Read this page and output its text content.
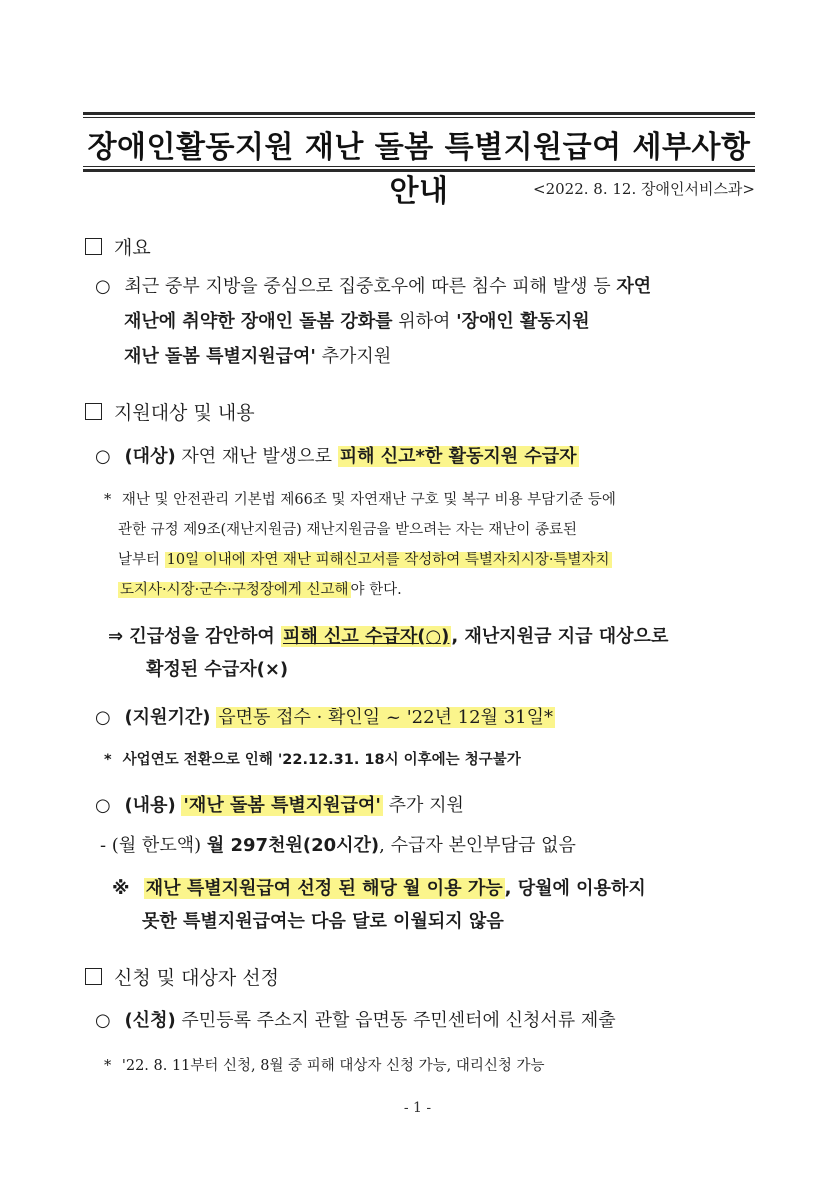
장애인활동지원 재난 돌봄 특별지원급여 세부사항 안내	<2022. 8. 12. 장애인서비스과>
개요
○ 최근 중부 지방을 중심으로 집중호우에 따른 침수 피해 발생 등 자연
재난에 취약한 장애인 돌봄 강화를 위하여 '장애인 활동지원
재난 돌봄 특별지원급여' 추가지원
지원대상 및 내용
○ (대상) 자연 재난 발생으로 피해 신고*한 활동지원 수급자
* 재난 및 안전관리 기본법 제66조 및 자연재난 구호 및 복구 비용 부담기준 등에
관한 규정 제9조(재난지원금) 재난지원금을 받으려는 자는 재난이 종료된
날부터 10일 이내에 자연 재난 피해신고서를 작성하여 특별자치시장·특별자치
도지사·시장·군수·구청장에게 신고해 야 한다.
⇒ 긴급성을 감안하여 피해 신고 수급자(○) , 재난지원금 지급 대상으로
확정된 수급자(×)
○ (지원기간) 읍면동 접수 · 확인일 ~ '22년 12월 31일*
* 사업연도 전환으로 인해 '22.12.31. 18시 이후에는 청구불가
○ (내용) '재난 돌봄 특별지원급여' 추가 지원
- (월 한도액) 월 297천원(20시간), 수급자 본인부담금 없음
※ 재난 특별지원급여 선정 된 해당 월 이용 가능 , 당월에 이용하지
못한 특별지원급여는 다음 달로 이월되지 않음
신청 및 대상자 선정
○ (신청) 주민등록 주소지 관할 읍면동 주민센터에 신청서류 제출
* '22. 8. 11부터 신청, 8월 중 피해 대상자 신청 가능, 대리신청 가능
- 1 -
